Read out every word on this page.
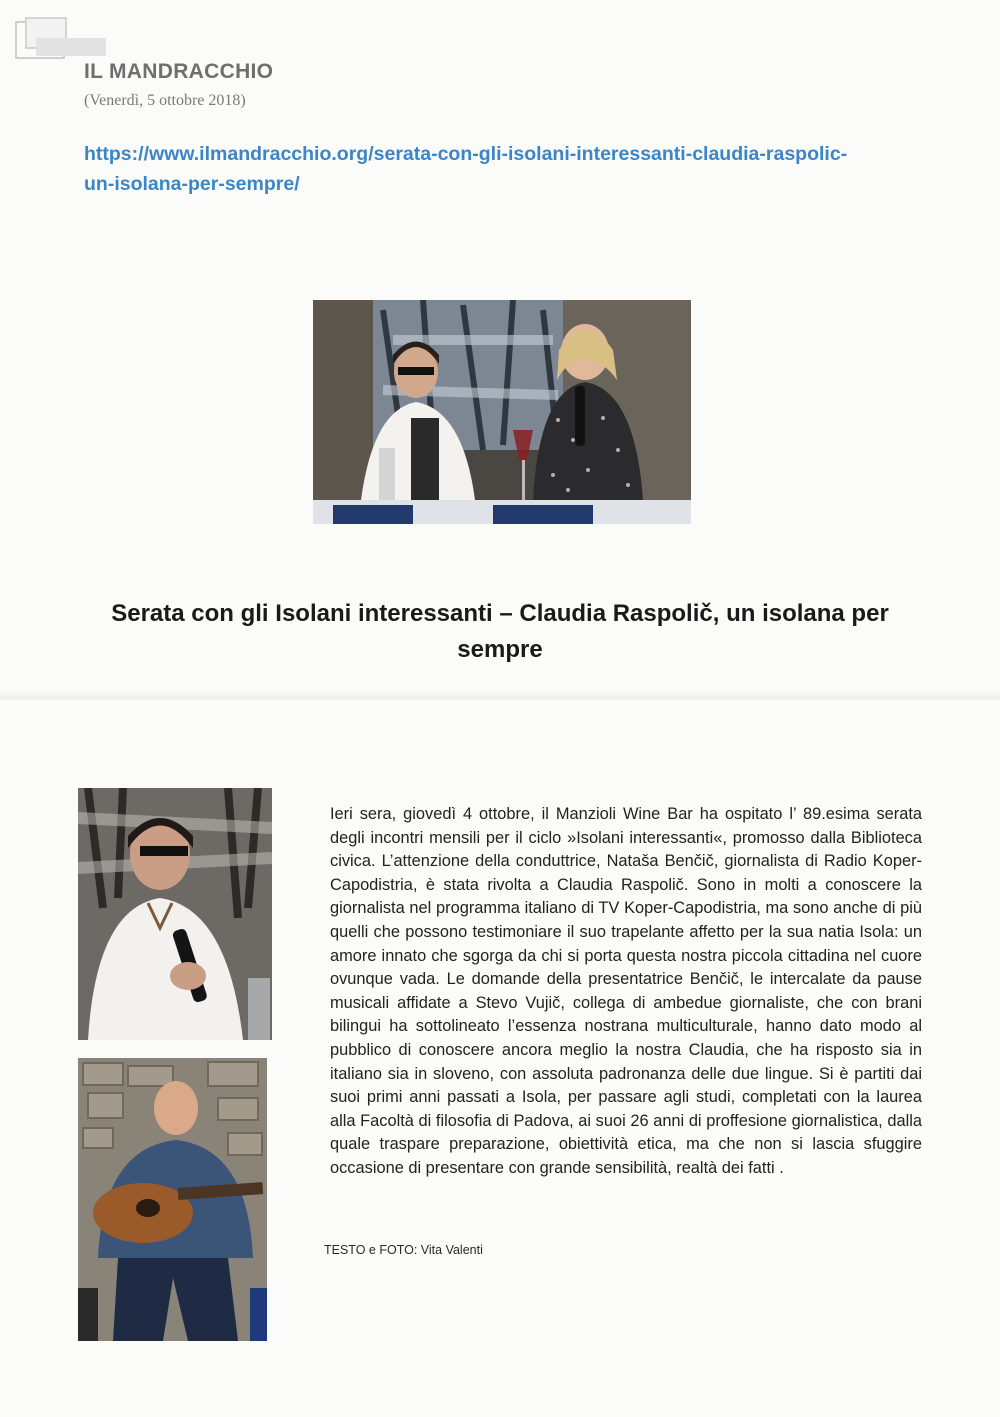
IL MANDRACCHIO
(Venerdì, 5 ottobre 2018)
https://www.ilmandracchio.org/serata-con-gli-isolani-interessanti-claudia-raspolic-
un-isolana-per-sempre/
Serata con gli Isolani interessanti – Claudia Raspolič, un isolana per
sempre

Ieri sera, giovedì 4 ottobre, il Manzioli Wine Bar ha ospitato l’ 89.esima serata degli incontri mensili per il ciclo »Isolani interessanti«, promosso dalla Biblioteca civica. L’attenzione della conduttrice, Nataša Benčič, giornalista di Radio Koper-Capodistria, è stata rivolta a Claudia Raspolič. Sono in molti a conoscere la giornalista nel programma italiano di TV Koper-Capodistria, ma sono anche di più quelli che possono testimoniare il suo trapelante affetto per la sua natia Isola: un amore innato che sgorga da chi si porta questa nostra piccola cittadina nel cuore ovunque vada. Le domande della presentatrice Benčič, le intercalate da pause musicali affidate a Stevo Vujič, collega di ambedue giornaliste, che con brani bilingui ha sottolineato l’essenza nostrana multiculturale, hanno dato modo al pubblico di conoscere ancora meglio la nostra Claudia, che ha risposto sia in italiano sia in sloveno, con assoluta padronanza delle due lingue. Si è partiti dai suoi primi anni passati a Isola, per passare agli studi, completati con la laurea alla Facoltà di filosofia di Padova, ai suoi 26 anni di proffesione giornalistica, dalla quale traspare preparazione, obiettività etica, ma che non si lascia sfuggire occasione di presentare con grande sensibilità, realtà dei fatti .

TESTO e FOTO: Vita Valenti
